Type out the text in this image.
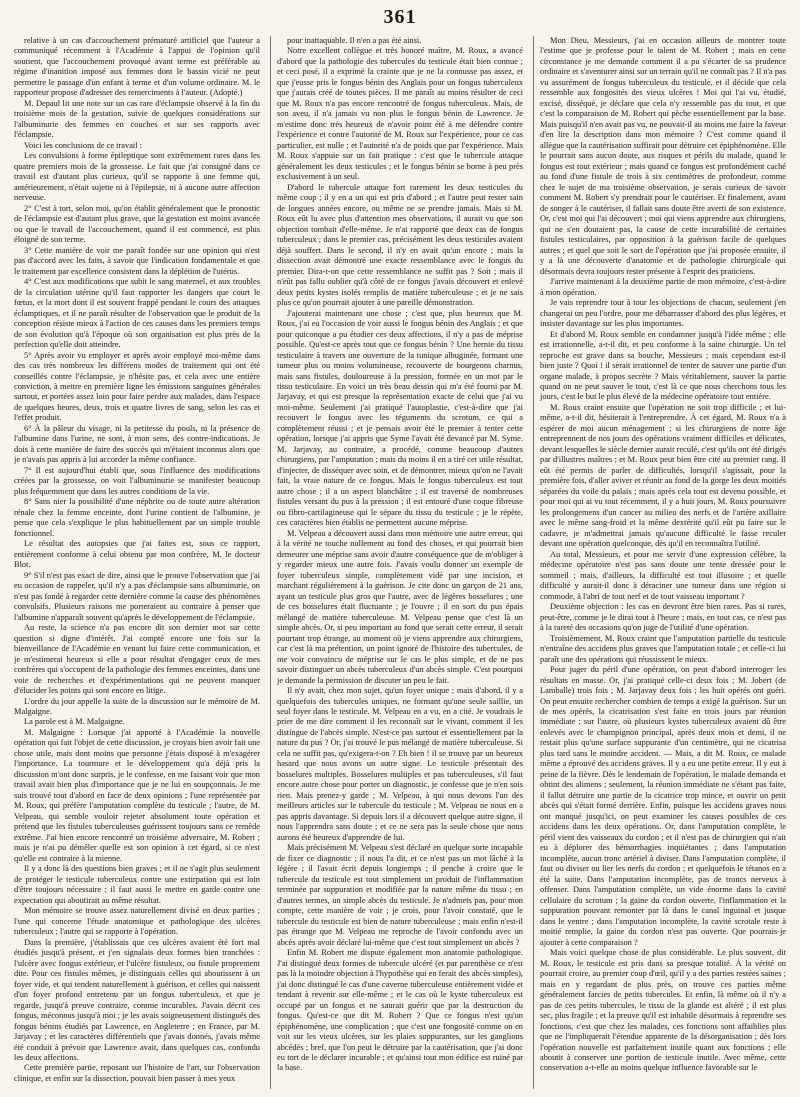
361

relative à un cas d'accouchement prématuré artificiel que l'auteur a communiqué récemment à l'Académie à l'appui de l'opinion qu'il soutient, que l'accouchement provoqué avant terme est préférable au régime d'inanition imposé aux femmes dont le bassin vicié ne peut permettre le passage d'un enfant à terme et d'un volume ordinaire. M. le rapporteur propose d'adresser des remerciments à l'auteur. (Adopté.)

M. Depaul lit une note sur un cas rare d'éclampsie observé à la fin du troisième mois de la gestation, suivie de quelques considérations sur l'albuminurie des femmes en couches et sur ses rapports avec l'éclampsie.

Voici les conclusions de ce travail :

Les convulsions à forme épileptique sont extrêmement rares dans les quatre premiers mois de la grossesse. Le fait que j'ai consigné dans ce travail est d'autant plus curieux, qu'il se rapporte à une femme qui, antérieurement, n'était sujette ni à l'épilepsie, ni à aucune autre affection nerveuse.

2° C'est à tort, selon moi, qu'on établit généralement que le pronostic de l'éclampsie est d'autant plus grave, que la gestation est moins avancée ou que le travail de l'accouchement, quand il est commencé, est plus éloigné de son terme.

3° Cette manière de voir me paraît fondée sur une opinion qui n'est pas d'accord avec les faits, à savoir que l'indication fondamentale et que le traitement par excellence consistent dans la déplétion de l'utérus.

4° C'est aux modifications que subit le sang maternel, et aux troubles de la circulation utérine qu'il faut rapporter les dangers que court le fœtus, et la mort dont il est souvent frappé pendant le cours des attaques éclamptiques, et il ne paraît résulter de l'observation que le produit de la conception résiste mieux à l'action de ces causes dans les premiers temps de son évolution qu'à l'époque où son organisation est plus près de la perfection qu'elle doit atteindre.

5° Après avoir vu employer et après avoir employé moi-même dans des cas très nombreux les différens modes de traitement qui ont été conseillés contre l'éclampsie, je n'hésite pas, et cela avec une entière conviction, à mettre en première ligne les émissions sanguines générales surtout, et portées assez loin pour faire perdre aux malades, dans l'espace de quelques heures, deux, trois et quatre livres de sang, selon les cas et l'effet produit.

6° À la pâleur du visage, ni la petitesse du pouls, ni la présence de l'albumine dans l'urine, ne sont, à mon sens, des contre-indications. Je dois à cette manière de faire des succès qui m'étaient inconnus alors que je n'avais pas appris à lui accorder la même confiance.

7° Il est aujourd'hui établi que, sous l'influence des modifications créées par la grossesse, on voit l'albuminurie se manifester beaucoup plus fréquemment que dans les autres conditions de la vie.

8° Sans nier la possibilité d'une néphrite ou de toute autre altération rénale chez la femme enceinte, dont l'urine contient de l'albumine, je pense que cela s'explique le plus habituellement par un simple trouble fonctionnel.

Le résultat des autopsies que j'ai faites est, sous ce rapport, entièrement conforme à celui obtenu par mon confrère, M. le docteur Blot.

9° S'il n'est pas exact de dire, ainsi que le prouve l'observation que j'ai eu occasion de rappeler, qu'il n'y a pas d'éclampsie sans albuminurie, on n'est pas fondé à regarder cette dernière comme la cause des phénomènes convulsifs. Plusieurs raisons me porteraient au contraire à penser que l'albumine n'apparaît souvent qu'après le développement de l'éclampsie.

Au reste, la science n'a pas encore dit son dernier mot sur cette question si digne d'intérêt. J'ai compté encore une fois sur la bienveillance de l'Académie en venant lui faire cette communication, et je m'estimerai heureux si elle a pour résultat d'engager ceux de mes confrères qui s'occupent de la pathologie des femmes enceintes, dans une voie de recherches et d'expérimentations qui ne peuvent manquer d'élucider les points qui sont encore en litige.

L'ordre du jour appelle la suite de la discussion sur le mémoire de M. Malgaigne.

La parole est à M. Malgaigne.

M. Malgaigne : Lorsque j'ai apporté à l'Académie la nouvelle opération qui fait l'objet de cette discussion, je croyais bien avoir fait une chose utile, mais dont moins que personne j'étais disposé à m'exagérer l'importance. La tourmure et le développement qu'a déjà pris la discussion m'ont donc surpris, je le confesse, en me faisant voir que mon travail avait bien plus d'importance que je ne lui en soupçonnais. Je me suis trouvé tout d'abord en face de deux opinions ; l'une représentée par M. Roux, qui préfère l'amputation complète du testicule ; l'autre, de M. Velpeau, qui semble vouloir rejeter absolument toute opération et prétend que les fistules tuberculeuses guérissent toujours sans ce remède extrême. J'ai bien encore rencontré un troisième adversaire, M. Robert ; mais je n'ai pu démêler quelle est son opinion à cet égard, si ce n'est qu'elle est contraire à la mienne.

Il y a donc là des questions bien graves ; et il ne s'agit plus seulement de protéger le testicule tuberculeux contre une extirpation qui est loin d'être toujours nécessaire ; il faut aussi le mettre en garde contre une expectation qui aboutirait au même résultat.

Mon mémoire se trouve assez naturellement divisé en deux parties ; l'une qui concerne l'étude anatomique et pathologique des ulcères tuberculeux ; l'autre qui se rapporte à l'opération.

Dans la première, j'établissais que ces ulcères avaient été fort mal étudiés jusqu'à présent, et j'en signalais deux formes bien tranchées : l'ulcère avec fongus extérieur, et l'ulcère fistuleux, ou fistule proprement dite. Pour ces fistules mêmes, je distinguais celles qui aboutissent à un foyer vide, et qui tendent naturellement à guérison, et celles qui naissent d'un foyer profond entretenu par un fongus tuberculeux, et que je regarde, jusqu'à preuve contraire, comme incurables. J'avais décrit ces fongus, méconnus jusqu'à moi ; je les avais soigneusement distingués des fongus bénins étudiés par Lawrence, en Angleterre ; en France, par M. Jarjavay ; et les caractères différentiels que j'avais donnés, j'avais même été conduit à prévoir que Lawrence avait, dans quelques cas, confondu les deux affections.

Cette première partie, reposant sur l'histoire de l'art, sur l'observation clinique, et enfin sur la dissection, pouvait bien passer à mes yeux

pour inattaquable. Il n'en a pas été ainsi.

Notre excellent collègue et très honoré maître, M. Roux, a avancé d'abord que la pathologie des tubercules du testicule était bien connue ; et ceci posé, il a exprimé la crainte que je ne la connusse pas assez, et que j'eusse pris le fongus bénin des Anglais pour un fongus tuberculeux que j'aurais créé de toutes pièces. Il me paraît au moins résulter de ceci que M. Roux n'a pas encore rencontré de fongus tuberculeux. Mais, de son aveu, il n'a jamais vu non plus le fongus bénin de Lawrence. Je m'estime donc très heureux de n'avoir point été à me défendre contre l'expérience et contre l'autorité de M. Roux sur l'expérience, pour ce cas particulier, est nulle ; et l'autorité n'a de poids que par l'expérience. Mais M. Roux s'appuie sur un fait pratique : c'est que le tubercule attaque généralement les deux testicules ; et le fongus bénin se borne à peu près exclusivement à un seul.

D'abord le tubercule attaque fort rarement les deux testicules du même coup ; il y en a un qui est pris d'abord ; et l'autre peut rester sain de longues années encore, ou même ne se prendre jamais. Mais si M. Roux eût lu avec plus d'attention mes observations, il aurait vu que son objection tombait d'elle-même. Je n'ai rapporté que deux cas de fongus tuberculeux ; dans le premier cas, précisément les deux testicules avaient déjà souffert. Dans le second, il n'y en avait qu'un encore ; mais la dissection avait démontré une exacte ressemblance avec le fongus du premier. Dira-t-on que cette ressemblance ne suffit pas ? Soit ; mais il n'eût pas fallu oublier qu'à côté de ce fongus j'avais découvert et enlevé deux petits kystes isolés remplis de matière tuberculeuse ; et je ne sais plus ce qu'on pourrait ajouter à une pareille démonstration.

J'ajouterai maintenant une chose ; c'est que, plus heureux que M. Roux, j'ai eu l'occasion de voir aussi le fongus bénin des Anglais ; et que pour quiconque a pu étudier ces deux affections, il n'y a pas de méprise possible. Qu'est-ce après tout que ce fongus bénin ? Une hernie du tissu testiculaire à travers une ouverture de la tunique albuginée, formant une tumeur plus ou moins volumineuse, recouverte de bourgeons charnus, mais sans fistules, douloureuse à la pression, formée en un mot par le tissu testiculaire. En voici un très beau dessin qui m'a été fourni par M. Jarjavay, et qui est presque la représentation exacte de celui que j'ai vu moi-même. Seulement j'ai pratiqué l'autoplastie, c'est-à-dire que j'ai recouvert le fongus avec les téguments du scrotum, ce qui a complètement réussi ; et je pensais avoir été le premier à tenter cette opération, lorsque j'ai appris que Syme l'avait été devancé par M. Syme. M. Jarjavay, au contraire, a procédé, comme beaucoup d'autres chirurgiens, par l'amputation ; mais du moins il en a tiré cet utile résultat, d'injecter, de disséquer avec soin, et de démontrer, mieux qu'on ne l'avait fait, la vraie nature de ce fongus. Mais le fongus tuberculeux est tout autre chose ; il a un aspect blanchâtre ; il est traversé de nombreuses fistules versant du pus à la pression ; il est entouré d'une coque fibreuse ou fibro-cartilagineuse qui le sépare du tissu du testicule ; je le répète, ces caractères bien établis ne permettent aucune méprise.

M. Velpeau a découvert aussi dans mon mémoire une autre erreur, qui à la vérité ne touche nullement au fond des choses, et qui pourrait bien demeurer une méprise sans avoir d'autre conséquence que de m'obliger à y regarder mieux une autre fois. J'avais voulu donner un exemple de foyer tuberculeux simple, complètement vidé par une incision, et marchant régulièrement à la guérison. Je cite donc un garçon de 21 ans, ayant un testicule plus gros que l'autre, avec de légères bosselures ; une de ces bosselures était fluctuante ; je l'ouvre ; il en sort du pus épais mélangé de matière tuberculeuse. M. Velpeau pense que c'est là un simple abcès. Or, si peu important au fond que serait cette erreur, il serait pourtant trop étrange, au moment où je viens apprendre aux chirurgiens, car c'est là ma prétention, un point ignoré de l'histoire des tubercules, de me voir convaincu de méprise sur le cas le plus simple, et de ne pas savoir distinguer un abcès tuberculeux d'un abcès simple. C'est pourquoi je demande la permission de discuter un peu le fait.

Il n'y avait, chez mon sujet, qu'un foyer unique ; mais d'abord, il y a quelquefois des tubercules uniques, ne formant qu'une seule saillie, un seul foyer dans le testicule. M. Velpeau en a vu, en a cité. Je voudrais le prier de me dire comment il les reconnaît sur le vivant, comment il les distingue de l'abcès simple. N'est-ce pas surtout et essentiellement par la nature du pus ? Or, j'ai trouvé le pus mélangé de matière tuberculeuse. Si cela ne suffit pas, qu'exigera-t-on ? Eh bien ! il se trouve par un heureux hasard que nous avons un autre signe. Le testicule présentait des bosselures multiples. Bosselures multiples et pas tuberculeuses, s'il faut encore autre chose pour porter un diagnostic, je confesse que je n'en sois rien. Mais prenez-y garde ; M. Velpeau, à qui nous devons l'un des meilleurs articles sur le tubercule du testicule ; M. Velpeau ne nous en a pas appris davantage. Si depuis lors il a découvert quelque autre signe, il nous l'apprendra sans doute ; et ce ne sera pas la seule chose que nous aurons été heureux d'apprendre de lui.

Mais précisément M. Velpeau s'est déclaré en quelque sorte incapable de fixer ce diagnostic ; il nous l'a dit, et ce n'est pas un mot lâché à la légère ; il l'avait écrit depuis longtemps ; il penche à croire que le tubercule du testicule est tout simplement un produit de l'inflammation terminée par suppuration et modifiée par la nature même du tissu ; en d'autres termes, un simple abcès du testicule. Je n'admets pas, pour mon compte, cette manière de voir ; je crois, pour l'avoir constaté, que le tubercule du testicule est bien de nature tuberculeuse ; mais enfin n'est-il pas étrange que M. Velpeau me reproche de l'avoir confondu avec un abcès après avoir déclaré lui-même que c'est tout simplement un abcès ?

Enfin M. Robert me dispute également mon anatomie pathologique. J'ai distingué deux formes de tubercule ulcéré (et par parenthèse ce n'est pas là la moindre objection à l'hypothèse qui en ferait des abcès simples), j'ai donc distingué le cas d'une caverne tuberculeuse entièrement vidée et tendant à revenir sur elle-même ; et le cas où le kyste tuberculeux est occupé par un fongus et ne saurait guérir que par la destruction du fongus. Qu'est-ce que dit M. Robert ? Que ce fongus n'est qu'un épiphénomène, une complication ; que c'est une fongosité comme on en voit sur les vieux ulcères, sur les plaies suppurantes, sur les ganglions abcédés ; bref, que l'on peut le détruire par la cautérisation, que j'ai donc eu tort de le déclarer incurable ; et qu'ainsi tout mon édifice est ruiné par la base.

Mon Dieu, Messieurs, j'ai en occasion ailleurs de montrer toute l'estime que je professe pour le talent de M. Robert ; mais en cette circonstance je me demande comment il a pu s'écarter de sa prudence ordinaire et s'aventurer ainsi sur un terrain qu'il ne connaît pas ? Il n'a pas vu assurément de fongus tuberculeux du testicule, et il décide que cela ressemble aux fongosités des vieux ulcères ! Moi qui l'ai vu, étudié, excisé, disséqué, je déclare que cela n'y ressemble pas du tout, et que c'est la comparaison de M. Robert qui pèche essentiellement par la base. Mais puisqu'il n'en avait pas vu, ne pouvait-il au moins me faire la faveur d'en lire la description dans mon mémoire ? C'est comme quand il allègue que la cautérisation suffirait pour détruire cet épiphénomène. Elle le pourrait sans aucun doute, aux risques et périls du malade, quand le fongus est tout extérieur ; mais quand ce fongus est profondément caché au fond d'une fistule de trois à six centimètres de profondeur, comme chez le sujet de ma troisième observation, je serais curieux de savoir comment M. Robert s'y prendrait pour le cautériser. Et finalement, avant de songer à le cautériser, il fallait sans doute être averti de son existence. Or, c'est moi qui l'ai découvert ; moi qui viens apprendre aux chirurgiens, qui ne s'en doutaient pas, la cause de cette incurabilité de certaines fistules testiculaires, par opposition à la guérison facile de quelques autres ; et quel que soit le sort de l'opération que j'ai proposée ensuite, il y a là une découverte d'anatomie et de pathologie chirurgicale qui désormais devra toujours rester présente à l'esprit des praticiens.

J'arrive maintenant à la deuxième partie de mon mémoire, c'est-à-dire à mon opération.

Je vais reprendre tour à tour les objections de chacun, seulement j'en changerai un peu l'ordre, pour me débarrasser d'abord des plus légères, et insister davantage sur les plus importantes.

Et d'abord M. Roux semble en condamner jusqu'à l'idée même ; elle est irrationnelle, a-t-il dit, et peu conforme à la saine chirurgie. Un tel reproche est grave dans sa bouche, Messieurs ; mais cependant est-il bien juste ? Quoi ! il serait irrationnel de tenter de sauver une partie d'un organe malade, à propos secrète ? Mais véritablement, sauver la partie quand on ne peut sauver le tout, c'est là ce que nous cherchons tous les jours, c'est le but le plus élevé de la médecine opératoire tout entière.

M. Roux craint ensuite que l'opération ne soit trop difficile ; et lui-même, a-t-il dit, hésiterait à l'entreprendre. À cet égard, M. Roux n'a à espérer de moi aucun ménagement ; si les chirurgiens de notre âge entreprennent de nos jours des opérations vraiment difficiles et délicates, devant lesquelles le siècle dernier aurait reculé, c'est qu'ils ont été dirigés par d'illustres maîtres ; et M. Roux peut bien être cité au premier rang. Il eût été permis de parler de difficultés, lorsqu'il s'agissait, pour la première fois, d'aller aviver et réunir au fond de la gorge les deux moitiés séparées du voile du palais ; mais après cela tout est devenu possible, et pour moi qui ai vu tout récemment, il y a huit jours, M. Roux poursuivre les prolongemens d'un cancer au milieu des nerfs et de l'artère axillaire avec le même sang-froid et la même dextérité qu'il eût pu faire sur le cadavre, je m'admettrai jamais qu'aucune difficulté le fasse reculer devant une opération quelconque, dès qu'il en reconnaîtra l'utilité.

Au total, Messieurs, et pour me servir d'une expression célèbre, la médecine opératoire n'est pas sans doute une tente dressée pour le sommeil ; mais, d'ailleurs, la difficulté est tout illusoire ; et quelle difficulté y aurait-il donc à déraciner une tumeur dans une région si commode, à l'abri de tout nerf et de tout vaisseau important ?

Deuxième objection : les cas en devront être bien rares. Pas si rares, peut-être, comme je le dirai tout à l'heure ; mais, en tout cas, ce n'est pas à la rareté des occasions qu'on juge de l'utilité d'une opération.

Troisièmement, M. Roux craint que l'amputation partielle du testicule n'entraîne des accidens plus graves que l'amputation totale ; et celle-ci lui paraît une des opérations qui réussissent le mieux.

Pour juger du péril d'une opération, on peut d'abord interroger les résultats en masse. Or, j'ai pratiqué celle-ci deux fois ; M. Jobert (de Lamballe) trois fois ; M. Jarjavay deux fois ; les huit opérés ont guéri. On peut ensuite rechercher combien de temps a exigé la guérison. Sur un de mes opérés, la cicatrisation s'est faite en trois jours par réunion immédiate ; sur l'autre, où plusieurs kystes tuberculeux avaient dû être enlevés avec le champignon principal, après deux mois et demi, il ne restait plus qu'une surface suppurante d'un centimètre, qui ne cicatrisa plus tard sans le moindre accident. — Mais, a dit M. Roux, ce malade même a éprouvé des accidens graves. Il y a eu une petite erreur. Il y eut à peine de la fièvre. Dès le lendemain de l'opération, le malade demanda et obtint des alimens ; seulement, la réunion immédiate ne s'étant pas faite, il fallut détruire une partie de la cicatrice trop mince, et ouvrir un petit abcès qui s'était formé derrière. Enfin, puisque les accidens graves nous ont manqué jusqu'ici, on peut examiner les causes possibles de ces accidens dans les deux opérations. Or, dans l'amputation complète, le péril vient des vaisseaux du cordon ; et il n'est pas de chirurgien qui n'ait eu à déplorer des hémorrhagies inquiétantes ; dans l'amputation incomplète, aucun tronc artériel à diviser. Dans l'amputation complète, il faut ou diviser ou lier les nerfs du cordon ; et quelquefois le tétanos en a été la suite. Dans l'amputation incomplète, pas de troncs nerveux à offenser. Dans l'amputation complète, un vide énorme dans la cavité cellulaire du scrotum ; la gaine du cordon ouverte, l'inflammation et la suppuration pouvant remonter par là dans le canal inguinal et jusque dans le ventre ; dans l'amputation incomplète, la cavité scrotale reste à moitié remplie, la gaine du cordon n'est pas ouverte. Que pourrais-je ajouter à cette comparaison ?

Mais voici quelque chose de plus considérable. Le plus souvent, dit M. Roux, le testicule est pris dans sa presque totalité. À la vérité on pourrait croire, au premier coup d'œil, qu'il y a des parties restées saines ; mais en y regardant de plus près, on trouve ces parties même généralement farcies de petits tubercules. Et enfin, là même où il n'y a pas de ces petits tubercules, le tissu de la glande est altéré ; il est plus sec, plus fragile ; et la preuve qu'il est inhabile désormais à reprendre ses fonctions, c'est que chez les malades, ces fonctions sont affaiblies plus que ne l'impliquerait l'étendue apparente de la désorganisation ; dès lors l'opération nouvelle est parfaitement inutile quant aux fonctions ; elle aboutit à conserver une portion de testicule inutile. Avec même, cette conservation a-t-elle au moins quelque influence favorable sur le
